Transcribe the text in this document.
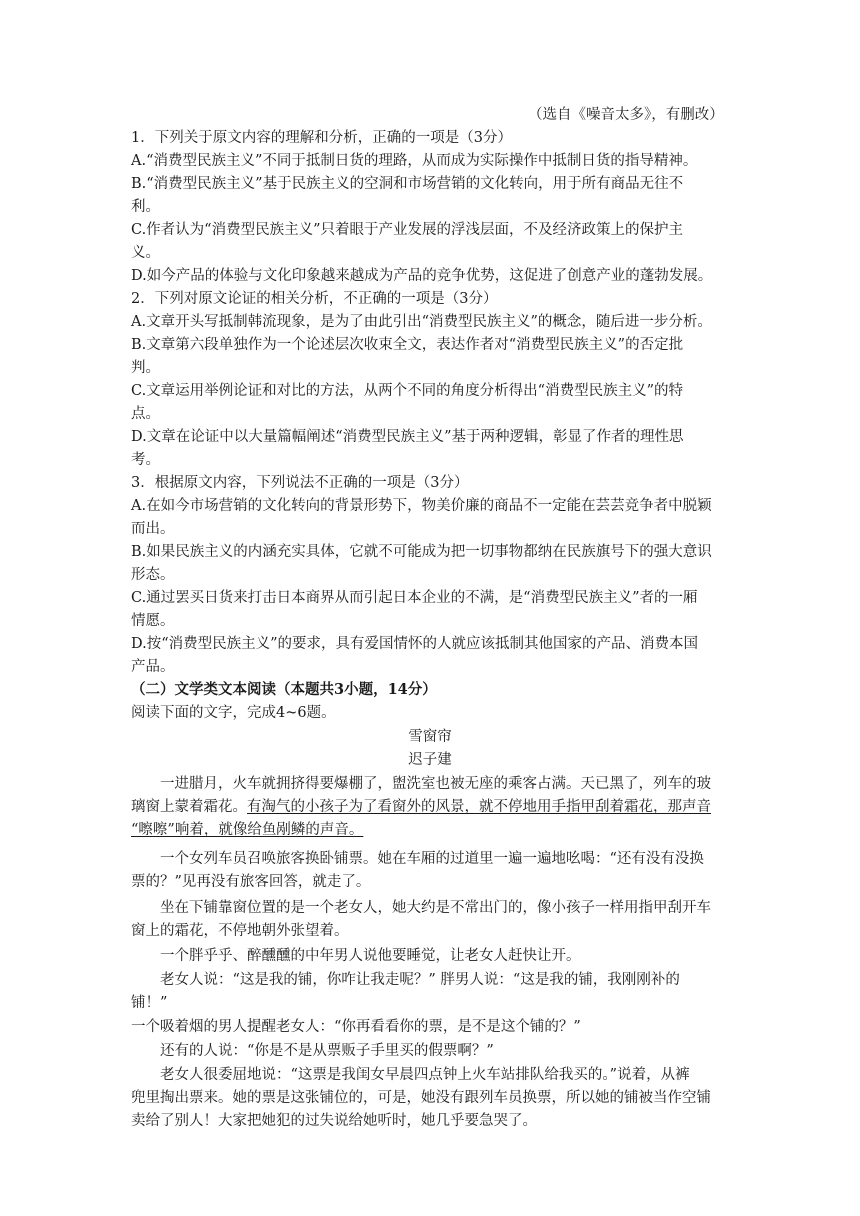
（选自《噪音太多》，有删改）
1．下列关于原文内容的理解和分析，正确的一项是（3分）
A.“消费型民族主义”不同于抵制日货的理路，从而成为实际操作中抵制日货的指导精神。
B.“消费型民族主义”基于民族主义的空洞和市场营销的文化转向，用于所有商品无往不
利。
C.作者认为“消费型民族主义”只着眼于产业发展的浮浅层面，不及经济政策上的保护主
义。
D.如今产品的体验与文化印象越来越成为产品的竞争优势，这促进了创意产业的蓬勃发展。
2．下列对原文论证的相关分析，不正确的一项是（3分）
A.文章开头写抵制韩流现象，是为了由此引出“消费型民族主义”的概念，随后进一步分析。
B.文章第六段单独作为一个论述层次收束全文，表达作者对“消费型民族主义”的否定批
判。
C.文章运用举例论证和对比的方法，从两个不同的角度分析得出“消费型民族主义”的特
点。
D.文章在论证中以大量篇幅阐述“消费型民族主义”基于两种逻辑，彰显了作者的理性思
考。
3．根据原文内容，下列说法不正确的一项是（3分）
A.在如今市场营销的文化转向的背景形势下，物美价廉的商品不一定能在芸芸竞争者中脱颖
而出。
B.如果民族主义的内涵充实具体，它就不可能成为把一切事物都纳在民族旗号下的强大意识
形态。
C.通过罢买日货来打击日本商界从而引起日本企业的不满，是“消费型民族主义”者的一厢
情愿。
D.按“消费型民族主义”的要求，具有爱国情怀的人就应该抵制其他国家的产品、消费本国
产品。
（二）文学类文本阅读（本题共3小题，14分）
阅读下面的文字，完成4~6题。
雪窗帘
迟子建
一进腊月，火车就拥挤得要爆棚了，盥洗室也被无座的乘客占满。天已黑了，列车的玻
璃窗上蒙着霜花。有淘气的小孩子为了看窗外的风景，就不停地用手指甲刮着霜花，那声音
“嚓嚓”响着，就像给鱼剐鳞的声音。
一个女列车员召唤旅客换卧铺票。她在车厢的过道里一遍一遍地吆喝：“还有没有没换
票的？”见再没有旅客回答，就走了。
坐在下铺靠窗位置的是一个老女人，她大约是不常出门的，像小孩子一样用指甲刮开车
窗上的霜花，不停地朝外张望着。
一个胖乎乎、醉醺醺的中年男人说他要睡觉，让老女人赶快让开。
老女人说：“这是我的铺，你咋让我走呢？” 胖男人说：“这是我的铺，我刚刚补的
铺！”
一个吸着烟的男人提醒老女人：“你再看看你的票，是不是这个铺的？”
还有的人说：“你是不是从票贩子手里买的假票啊？”
老女人很委屈地说：“这票是我闺女早晨四点钟上火车站排队给我买的。”说着，从裤
兜里掏出票来。她的票是这张铺位的，可是，她没有跟列车员换票，所以她的铺被当作空铺
卖给了别人！大家把她犯的过失说给她听时，她几乎要急哭了。
